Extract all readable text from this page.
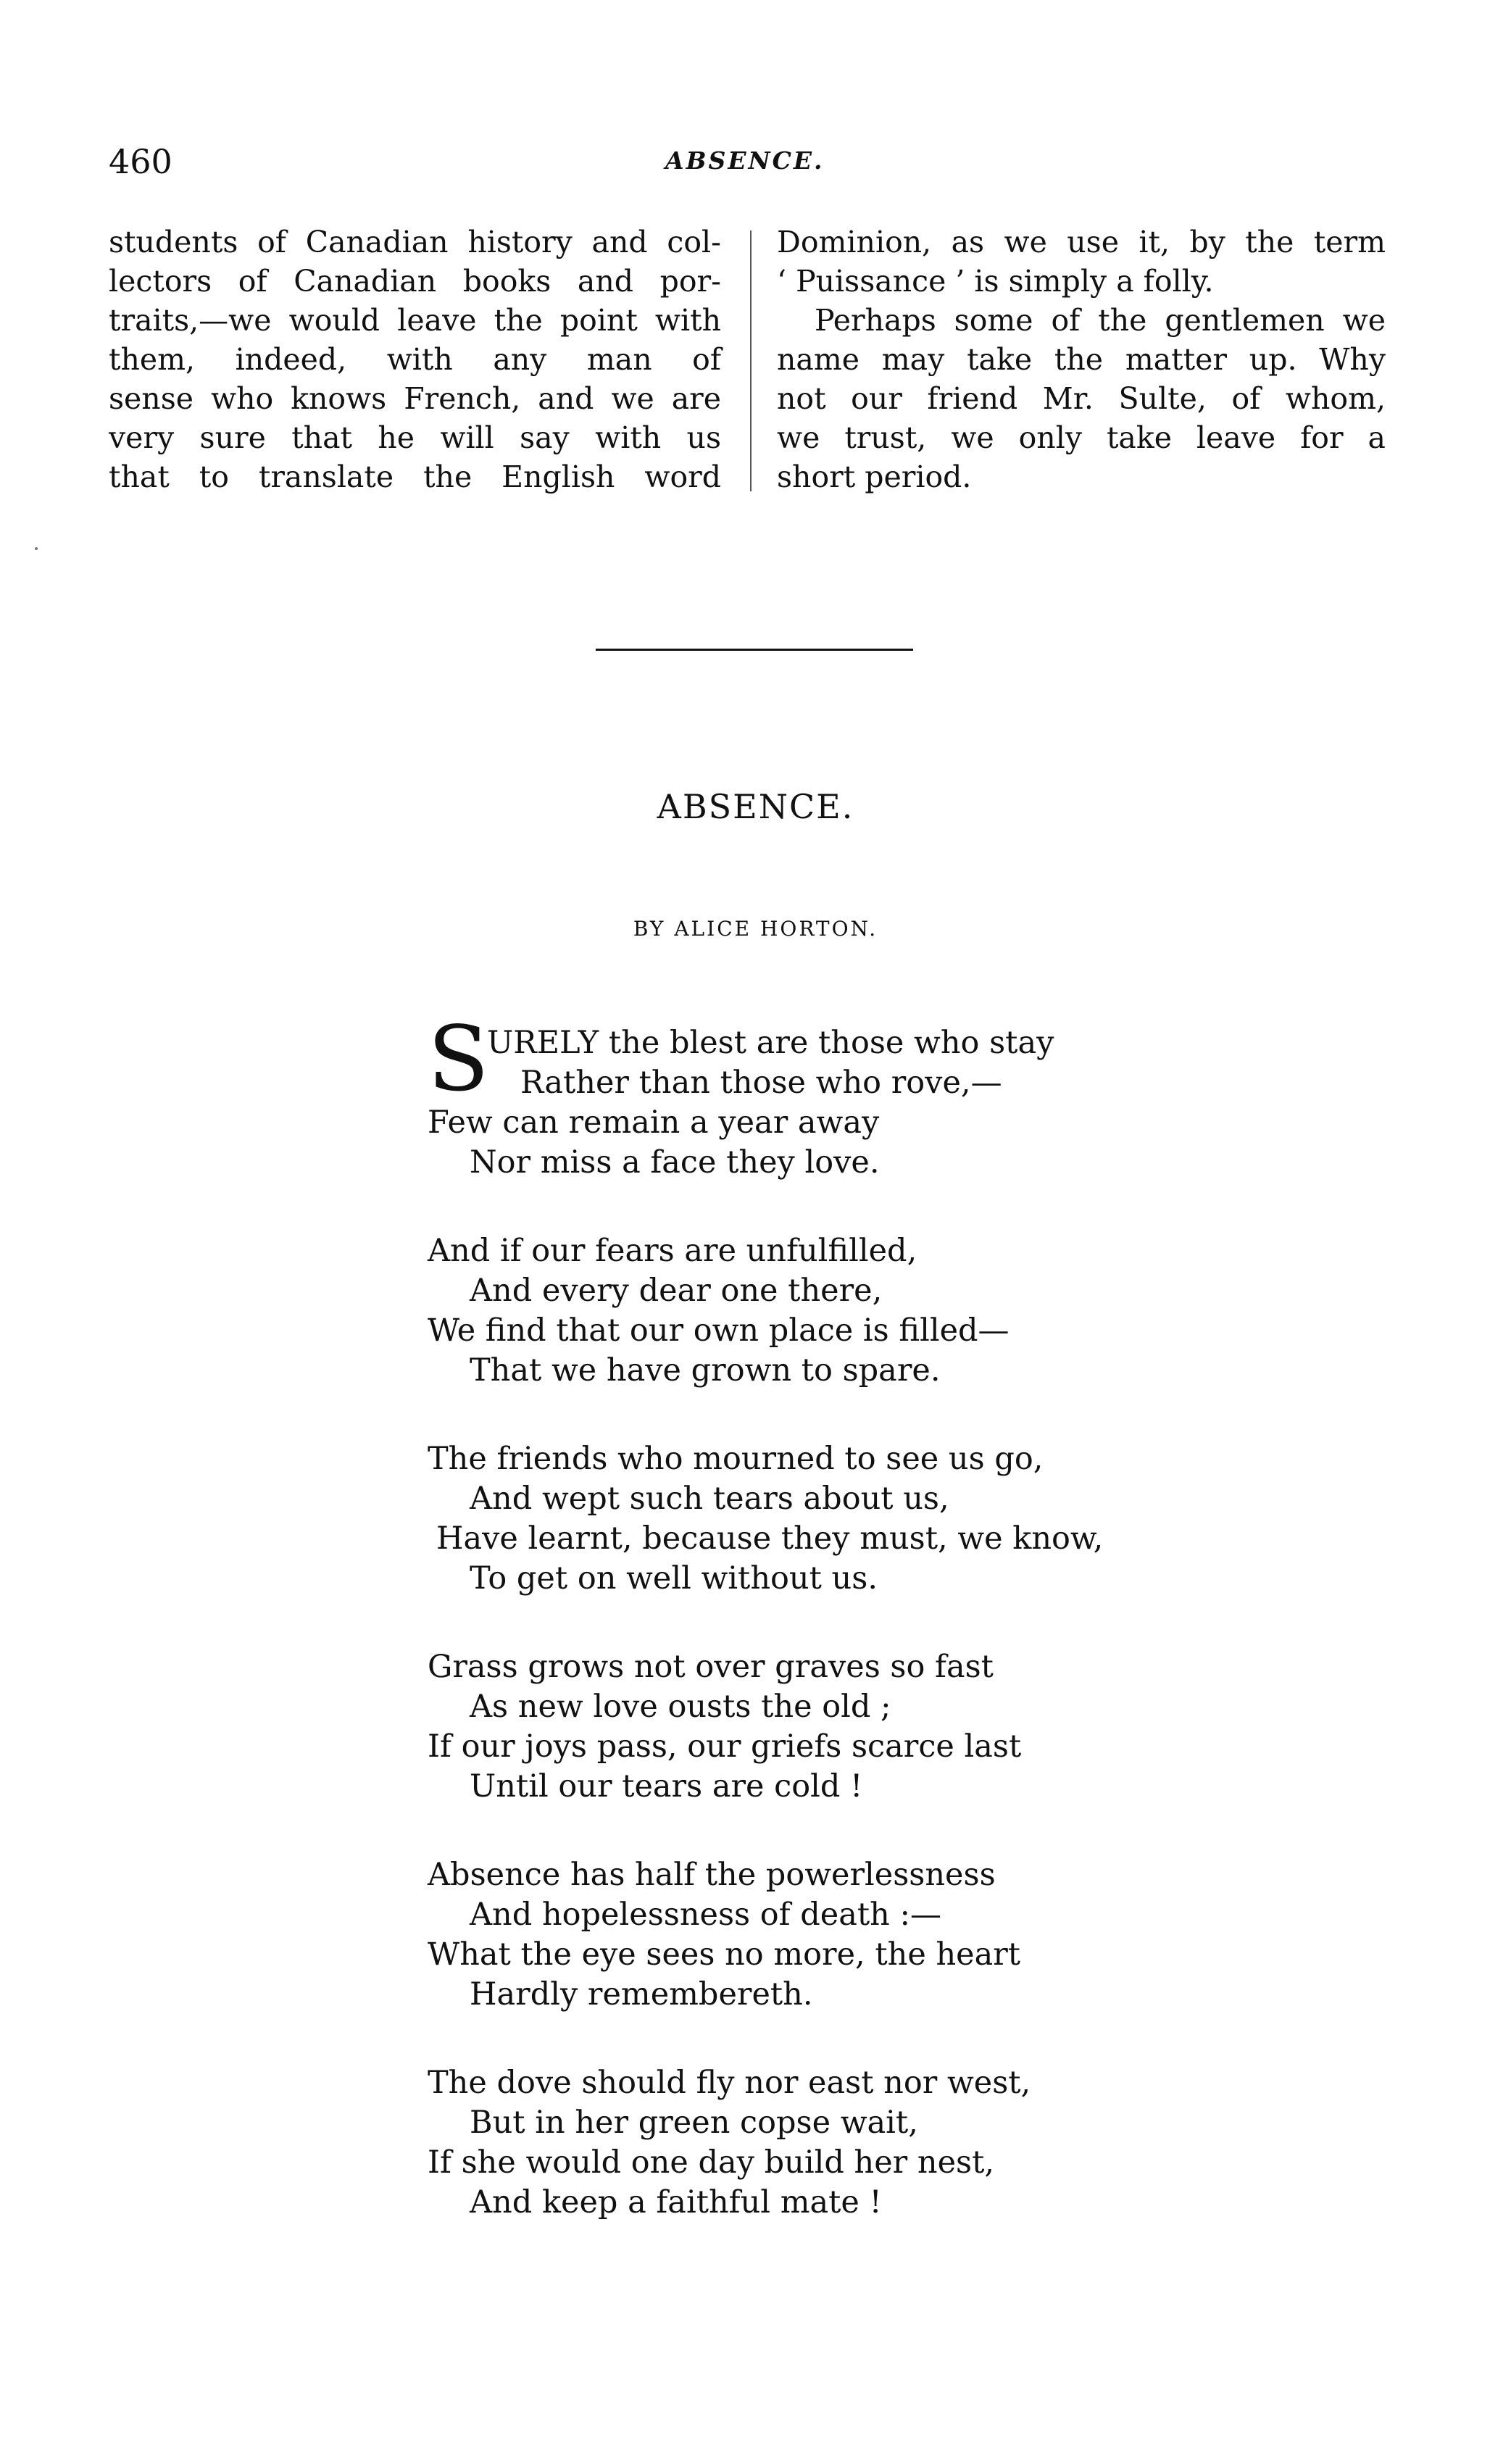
460	ABSENCE.
students of Canadian history and col-
lectors of Canadian books and por-
traits,—we would leave the point with
them, indeed, with any man of
sense who knows French, and we are
very sure that he will say with us
that to translate the English word
Dominion, as we use it, by the term
‘ Puissance ’ is simply a folly.
Perhaps some of the gentlemen we
name may take the matter up. Why
not our friend Mr. Sulte, of whom,
we trust, we only take leave for a
short period.
ABSENCE.
BY ALICE HORTON.
S
URELY the blest are those who stay
Rather than those who rove,—
Few can remain a year away
Nor miss a face they love.
And if our fears are unfulfilled,
And every dear one there,
We find that our own place is filled—
That we have grown to spare.
The friends who mourned to see us go,
And wept such tears about us,
Have learnt, because they must, we know,
To get on well without us.
Grass grows not over graves so fast
As new love ousts the old ;
If our joys pass, our griefs scarce last
Until our tears are cold !
Absence has half the powerlessness
And hopelessness of death :—
What the eye sees no more, the heart
Hardly remembereth.
The dove should fly nor east nor west,
But in her green copse wait,
If she would one day build her nest,
And keep a faithful mate !
